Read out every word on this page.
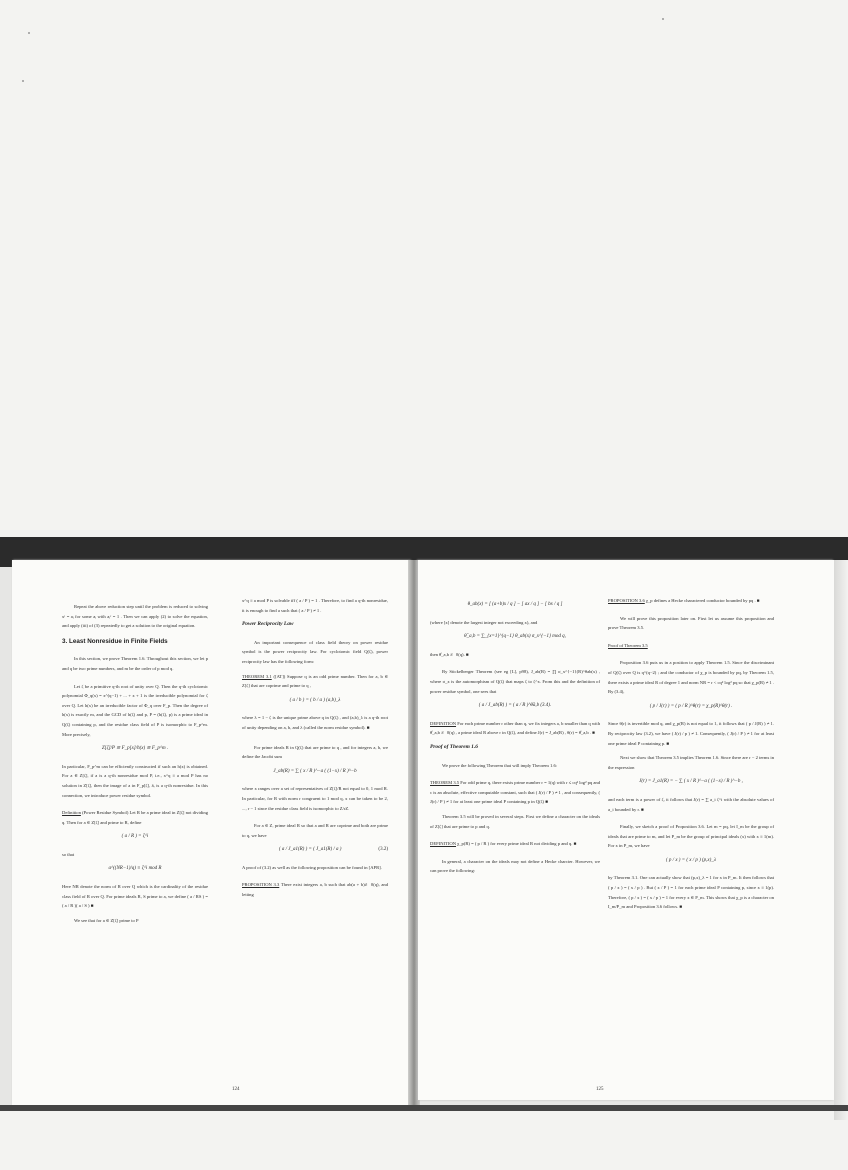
Repeat the above reduction step until the problem is reduced to solving xᵗ = aᵢ for some aᵢ with aᵢᶜ = 1 . Then we can apply (2) to solve the equation, and apply (iii) of (3) repeatedly to get a solution to the original equation.

3. Least Nonresidue in Finite Fields

In this section, we prove Theorem 1.6. Throughout this section, we let p and q be two prime numbers, and m be the order of p mod q.

Let ζ be a primitive q-th root of unity over Q. Then the q-th cyclotomic polynomial Φ_q(x) = x^(q−1) + ... + x + 1 is the irreducible polynomial for ζ over Q. Let h(x) be an irreducible factor of Φ_q over F_p. Then the degree of h(x) is exactly m, and the GCD of h(ζ) and p, P = (h(ζ), p) is a prime ideal in Q(ζ) containing p, and the residue class field of P is isomorphic to F_p^m. More precisely,

Z[ζ]/P ≅ F_p[x]/h(x) ≅ F_p^m .

In particular, F_p^m can be efficiently constructed if such an h(x) is obtained. For a ∈ Z[ζ], if a is a q-th nonresidue mod P, i.e., x^q ≡ a mod P has no solution in Z[ζ], then the image of a in F_p[ζ], ā, is a q-th nonresidue. In this connection, we introduce power residue symbol.

Definition (Power Residue Symbol) Let R be a prime ideal in Z[ζ] not dividing q. Then for a ∈ Z[ζ] and prime to R, define

( a / R ) = ζ^i

so that

a^((NR−1)/q) ≡ ζ^i mod R

Here NR denote the norm of R over Q which is the cardinality of the residue class field of R over Q. For prime ideals R, S prime to a, we define ( a / RS ) = ( a / R )( a / S ) ■

We see that for a ∈ Z[ζ] prime to P

x^q ≡ a mod P is solvable iff ( a / P ) = 1 . Therefore, to find a q-th nonresidue, it is enough to find a such that ( a / P ) ≠ 1 .

Power Reciprocity Law

An important consequence of class field theory on power residue symbol is the power reciprocity law. For cyclotomic field Q(ζ), power reciprocity law has the following form:

THEOREM 3.1 ([AT]) Suppose q is an odd prime number. Then for a, b ∈ Z[ζ] that are coprime and prime to q ,

( a / b ) = ( b / a ) (a,b)_λ

where λ = 1 − ζ is the unique prime above q in Q(ζ) , and (a,b)_λ is a q-th root of unity depending on a, b, and λ (called the norm residue symbol). ■

For prime ideals R in Q(ζ) that are prime to q , and for integers a, b, we define the Jacobi sum

J_ab(R) = ∑ ( x / R )^−a ( (1−x) / R )^−b

where x ranges over a set of representatives of Z[ζ]/R not equal to 0, 1 mod R. In particular, for R with norm r congruent to 1 mod q, x can be taken to be 2, ..., r − 1 since the residue class field is isomorphic to Z/rZ.

For a ∈ Z, prime ideal R so that a and R are coprime and both are prime to q, we have

( a / J_a1(R) ) = ( J_a1(R) / a )	(3.2)

A proof of (3.2) as well as the following proposition can be found in [APR].

PROPOSITION 3.3 There exist integers a, b such that ab(a + b)≢ 0(q), and letting

124
θ_ab(x) = [ (a+b)x / q ] − [ ax / q ] − [ bx / q ]

(where [x] denote the largest integer not exceeding x), and

θ̂_a,b = ∑_{x=1}^{q−1} θ_ab(x) σ_x^{−1} mod q,

then θ̂_a,b ≢ 0(q). ■

By Stickelberger Theorem (see eg [L], p98), J_ab(R) = ∏ σ_x^{−1}(R)^θab(x) , where σ_x is the automorphism of Q(ζ) that maps ζ to ζ^x. From this and the definition of power residue symbol, one sees that

( a / J_ab(R) ) = ( a / R )^θ̂a,b (3.4).

DEFINITION For each prime number r other than q, we fix integers a, b smaller than q with θ̂_a,b ≢ 0(q) , a prime ideal R above r in Q(ζ), and define J(r) = J_ab(R) , θ(r) = θ̂_a,b . ■

Proof of Theorem 1.6

We prove the following Theorem that will imply Theorem 1.6:

THEOREM 3.5 For odd prime q, there exists prime number r = 1(q) with r ≤ cq² log² pq and c is an absolute, effective computable constant, such that ( J(r) / P ) ≠ 1 , and consequently, ( J(r) / P ) ≠ 1 for at least one prime ideal P containing p in Q(ζ) ■

Theorem 3.5 will be proved in several steps. First we define a character on the ideals of Z[ζ] that are prime to p and q.

DEFINITION χ_p(R) = ( p / R ) for every prime ideal R not dividing p and q. ■

In general, a character on the ideals may not define a Hecke charcter. However, we can prove the following:

PROPOSITION 3.6 χ_p defines a Hecke charactered conductor bounded by pq . ■

We will prove this proposition later on. First let us assume this proposition and prove Theorem 3.5.

Proof of Theorem 3.5

Proposition 3.6 puts us in a position to apply Theorem 1.5. Since the discriminant of Q(ζ) over Q is q^(q−2) ; and the conductor of χ_p is bounded by pq, by Theorem 1.5, there exists a prime ideal R of degree 1 and norm NR = r < cq² log² pq so that χ_p(R) ≠ 1 . By (3.4),

( p / J(r) ) = ( p / R )^θ(r) = χ_p(R)^θ(r) .

Since θ(r) is invertible mod q, and χ_p(R) is not equal to 1, it follows that ( p / J(R) ) ≠ 1. By reciprocity law (3.2), we have ( J(r) / p ) ≠ 1. Consequently, ( J(r) / P ) ≠ 1 for at least one prime ideal P containing p. ■

Next we show that Theorem 3.5 implies Theorem 1.6. Since there are r − 2 terms in the expression

J(r) = J_a1(R) = − ∑ ( x / R )^−a ( (1−x) / R )^−b ,

and each term is a power of ζ, it follows that J(r) = ∑ a_i ζ^i with the absolute values of a_i bounded by r. ■

Finally, we sketch a proof of Proposition 3.6. Let m = pq, let I_m be the group of ideals that are prime to m, and let P_m be the group of principal ideals (x) with x ≡ 1(m). For x in P_m, we have

( p / x ) = ( x / p ) (p,x)_λ

by Theorem 3.1. One can actually show that (p,x)_λ = 1 for x in P_m. It then follows that ( p / x ) = ( x / p ) . But ( x / P ) = 1 for each prime ideal P containing p, since x ≡ 1(p). Therefore, ( p / x ) = ( x / p ) = 1 for every x ∈ P_m. This shows that χ_p is a character on I_m/P_m and Proposition 3.6 follows. ■

125
